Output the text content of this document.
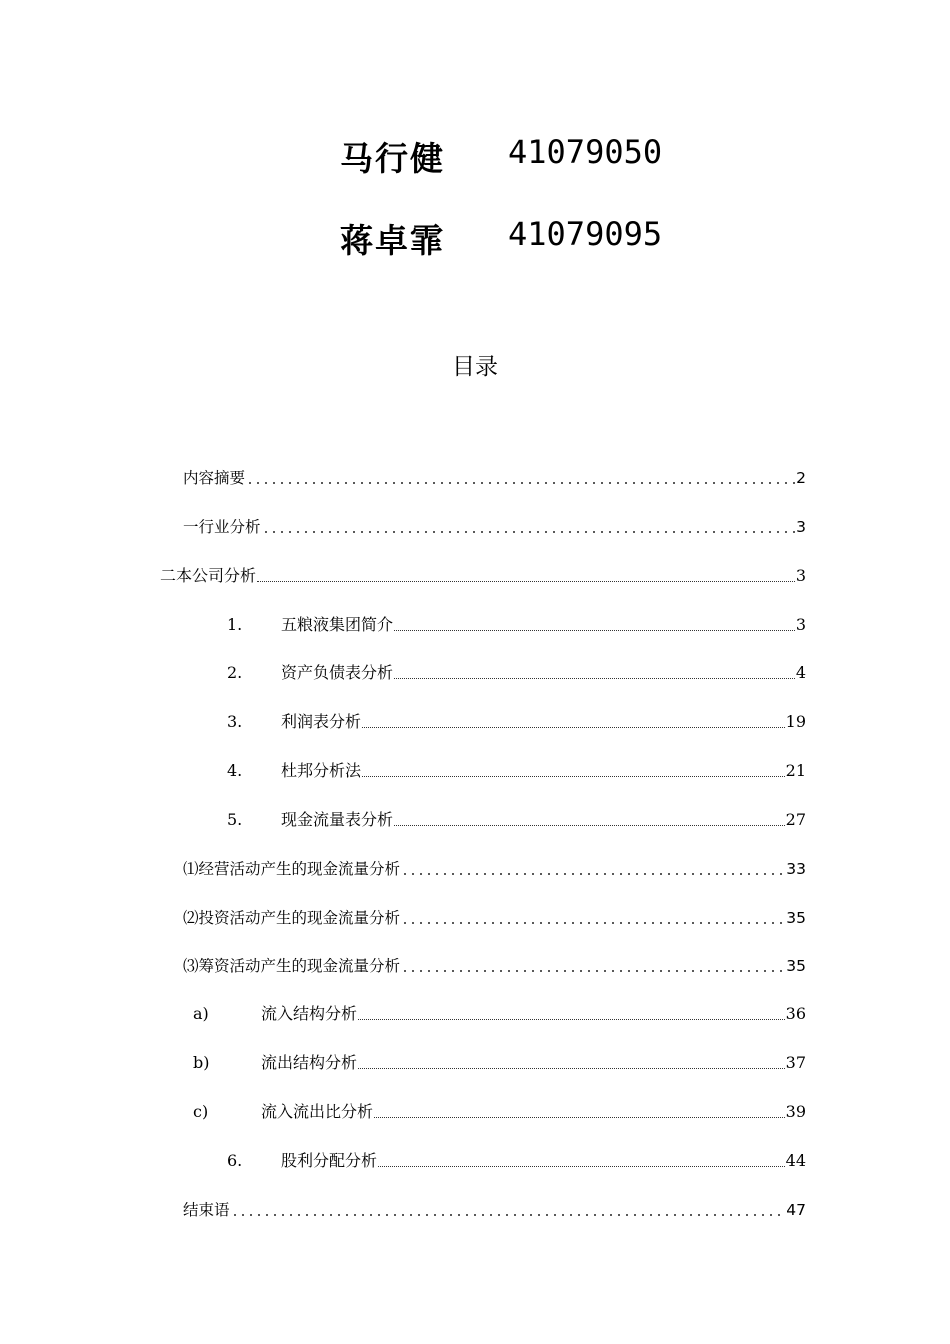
马行健 41079050
蒋卓霏 41079095
目录
内容摘要	2
一行业分析	3
二本公司分析	3
1.	五粮液集团简介	3
2.	资产负债表分析	4
3.	利润表分析	19
4.	杜邦分析法	21
5.	现金流量表分析	27
⑴经营活动产生的现金流量分析	33
⑵投资活动产生的现金流量分析	35
⑶筹资活动产生的现金流量分析	35
a)	流入结构分析	36
b)	流出结构分析	37
c)	流入流出比分析	39
6.	股利分配分析	44
结束语	47
